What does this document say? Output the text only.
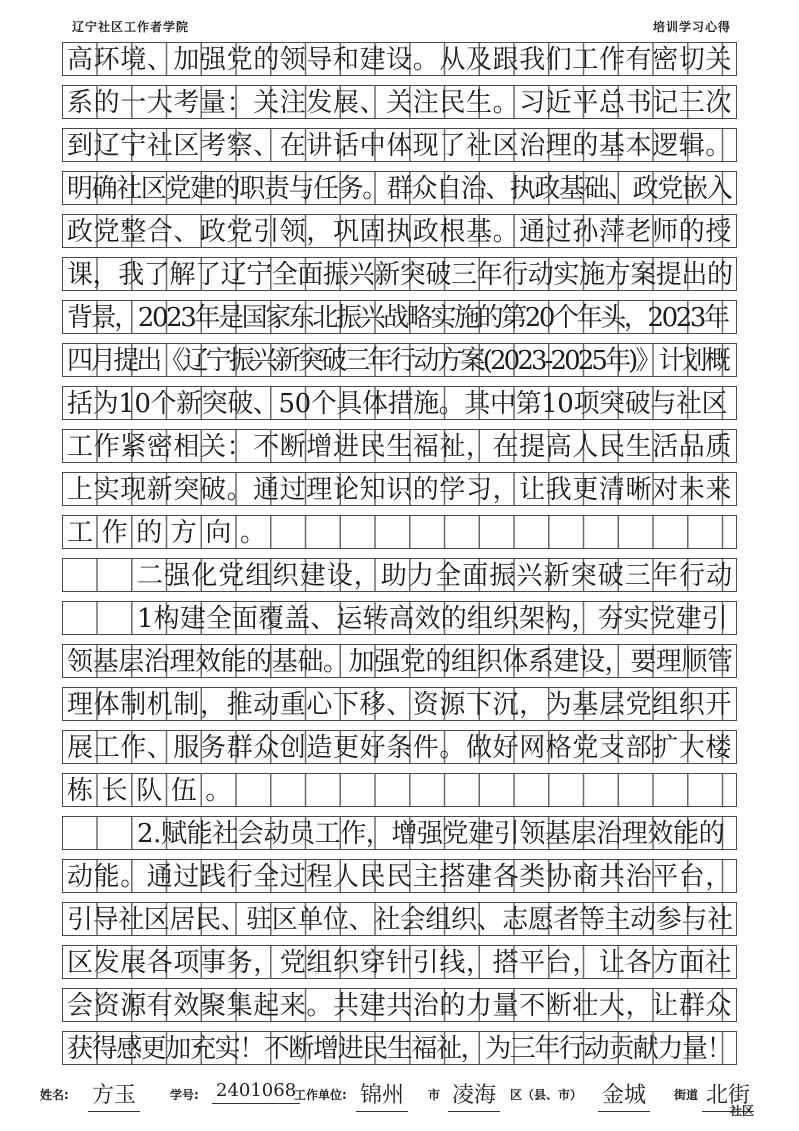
辽宁社区工作者学院	培训学习心得
高环境、加强党的领导和建设。从及跟我们工作有密切关
系的一大考量：关注发展、关注民生。习近平总书记三次
到辽宁社区考察、在讲话中体现了社区治理的基本逻辑。
明确社区党建的职责与任务。群众自治、执政基础、政党嵌入
政党整合、政党引领，巩固执政根基。通过孙萍老师的授
课，我了解了辽宁全面振兴新突破三年行动实施方案提出的
背景，2023年是国家东北振兴战略实施的第20个年头，2023年
四月提出《辽宁振兴新突破三年行动方案(2023-2025年)》计划概
括为10个新突破、50个具体措施。其中第10项突破与社区
工作紧密相关：不断增进民生福祉，在提高人民生活品质
上实现新突破。通过理论知识的学习，让我更清晰对未来
工作的方向。
二强化党组织建设，助力全面振兴新突破三年行动
1构建全面覆盖、运转高效的组织架构，夯实党建引
领基层治理效能的基础。加强党的组织体系建设，要理顺管
理体制机制，推动重心下移、资源下沉，为基层党组织开
展工作、服务群众创造更好条件。做好网格党支部扩大楼
栋长队伍。
2.赋能社会动员工作，增强党建引领基层治理效能的
动能。通过践行全过程人民民主搭建各类协商共治平台，
引导社区居民、驻区单位、社会组织、志愿者等主动参与社
区发展各项事务，党组织穿针引线，搭平台，让各方面社
会资源有效聚集起来。共建共治的力量不断壮大，让群众
获得感更加充实！不断增进民生福祉，为三年行动贡献力量！
姓名: 方玉	学号: 2401068
工作单位: 锦州	市 凌海	区（县、市） 金城	街道 北街
社区
